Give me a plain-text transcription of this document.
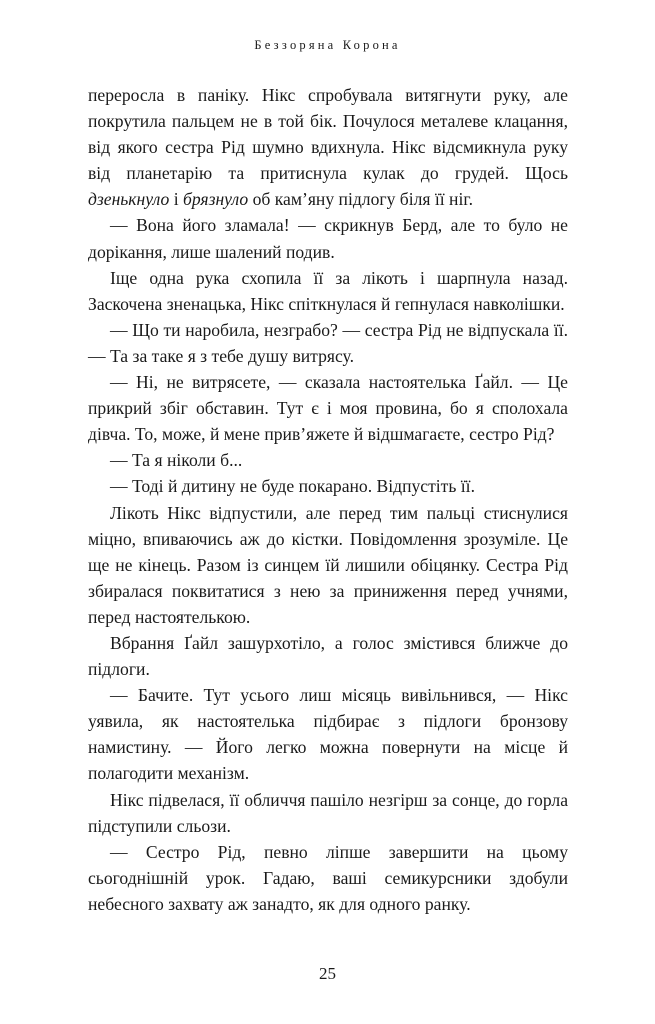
Беззоряна Корона

переросла в паніку. Нікс спробувала витягнути руку, але покрутила пальцем не в той бік. Почулося металеве клацання, від якого сестра Рід шумно вдихнула. Нікс відсмикнула руку від планетарію та притиснула кулак до грудей. Щось дзенькнуло і брязнуло об камʼяну підлогу біля її ніг.

— Вона його зламала! — скрикнув Берд, але то було не дорікання, лише шалений подив.

Іще одна рука схопила її за лікоть і шарпнула назад. Заскочена зненацька, Нікс спіткнулася й гепнулася навколішки.

— Що ти наробила, незграбо? — сестра Рід не відпускала її. — Та за таке я з тебе душу витрясу.

— Ні, не витрясете, — сказала настоятелька Ґайл. — Це прикрий збіг обставин. Тут є і моя провина, бо я сполохала дівча. То, може, й мене привʼяжете й відшмагаєте, сестро Рід?

— Та я ніколи б...

— Тоді й дитину не буде покарано. Відпустіть її.

Лікоть Нікс відпустили, але перед тим пальці стиснулися міцно, впиваючись аж до кістки. Повідомлення зрозуміле. Це ще не кінець. Разом із синцем їй лишили обіцянку. Сестра Рід збиралася поквитатися з нею за приниження перед учнями, перед настоятелькою.

Вбрання Ґайл зашурхотіло, а голос змістився ближче до підлоги.

— Бачите. Тут усього лиш місяць вивільнився, — Нікс уявила, як настоятелька підбирає з підлоги бронзову намистину. — Його легко можна повернути на місце й полагодити механізм.

Нікс підвелася, її обличчя пашіло незгірш за сонце, до горла підступили сльози.

— Сестро Рід, певно ліпше завершити на цьому сьогоднішній урок. Гадаю, ваші семикурсники здобули небесного захвату аж занадто, як для одного ранку.

25
